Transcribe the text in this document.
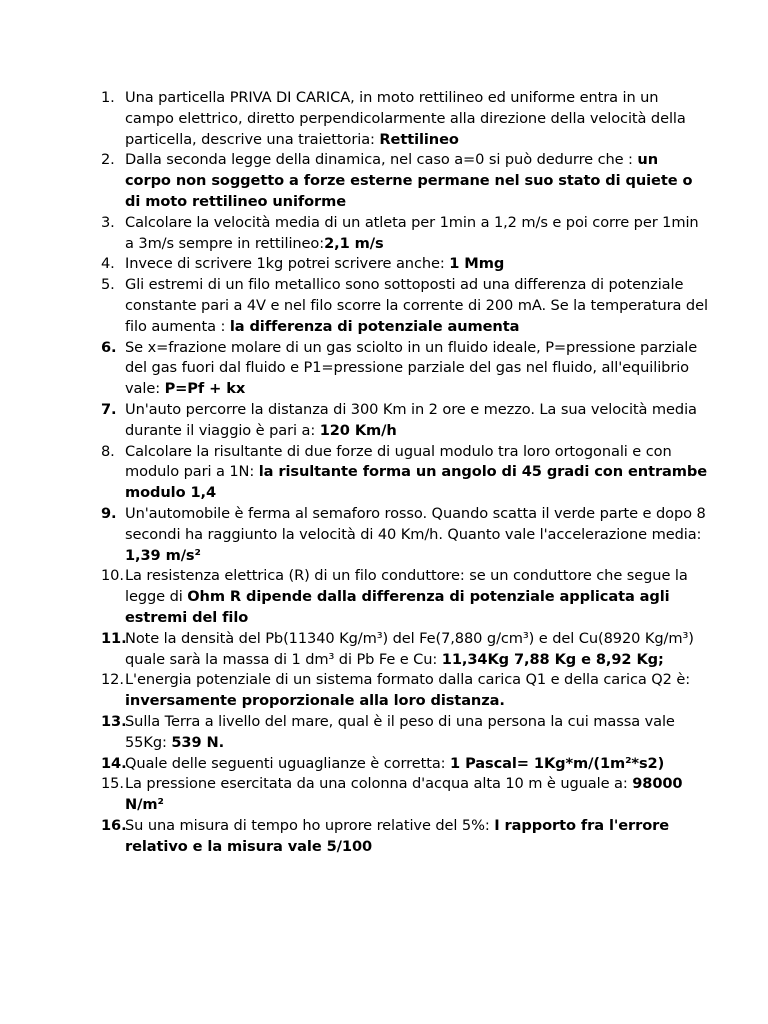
1. Una particella PRIVA DI CARICA, in moto rettilineo ed uniforme entra in un campo elettrico, diretto perpendicolarmente alla direzione della velocità della particella, descrive una traiettoria: Rettilineo
2. Dalla seconda legge della dinamica, nel caso a=0 si può dedurre che : un corpo non soggetto a forze esterne permane nel suo stato di quiete o di moto rettilineo uniforme
3. Calcolare la velocità media di un atleta per 1min a 1,2 m/s e poi corre per 1min a 3m/s sempre in rettilineo:2,1 m/s
4. Invece di scrivere 1kg potrei scrivere anche: 1 Mmg
5. Gli estremi di un filo metallico sono sottoposti ad una differenza di potenziale constante pari a 4V e nel filo scorre la corrente di 200 mA. Se la temperatura del filo aumenta : la differenza di potenziale aumenta
6. Se x=frazione molare di un gas sciolto in un fluido ideale, P=pressione parziale del gas fuori dal fluido e P1=pressione parziale del gas nel fluido, all'equilibrio vale: P=Pf + kx
7. Un'auto percorre la distanza di 300 Km in 2 ore e mezzo. La sua velocità media durante il viaggio è pari a: 120 Km/h
8. Calcolare la risultante di due forze di ugual modulo tra loro ortogonali e con modulo pari a 1N: la risultante forma un angolo di 45 gradi con entrambe modulo 1,4
9. Un'automobile è ferma al semaforo rosso. Quando scatta il verde parte e dopo 8 secondi ha raggiunto la velocità di 40 Km/h. Quanto vale l'accelerazione media: 1,39 m/s²
10. La resistenza elettrica (R) di un filo conduttore: se un conduttore che segue la legge di Ohm R dipende dalla differenza di potenziale applicata agli estremi del filo
11.
Note la densità del Pb(11340 Kg/m³) del Fe(7,880 g/cm³) e del Cu(8920 Kg/m³) quale sarà la massa di 1 dm³ di Pb Fe e Cu: 11,34Kg 7,88 Kg e 8,92 Kg;
12. L'energia potenziale di un sistema formato dalla carica Q1 e della carica Q2 è: inversamente proporzionale alla loro distanza.
13.
Sulla Terra a livello del mare, qual è il peso di una persona la cui massa vale 55Kg: 539 N.
14.
Quale delle seguenti uguaglianze è corretta: 1 Pascal= 1Kg*m/(1m²*s2)
15. La pressione esercitata da una colonna d'acqua alta 10 m è uguale a: 98000 N/m²
16.
Su una misura di tempo ho uprore relative del 5%: I rapporto fra l'errore relativo e la misura vale 5/100
